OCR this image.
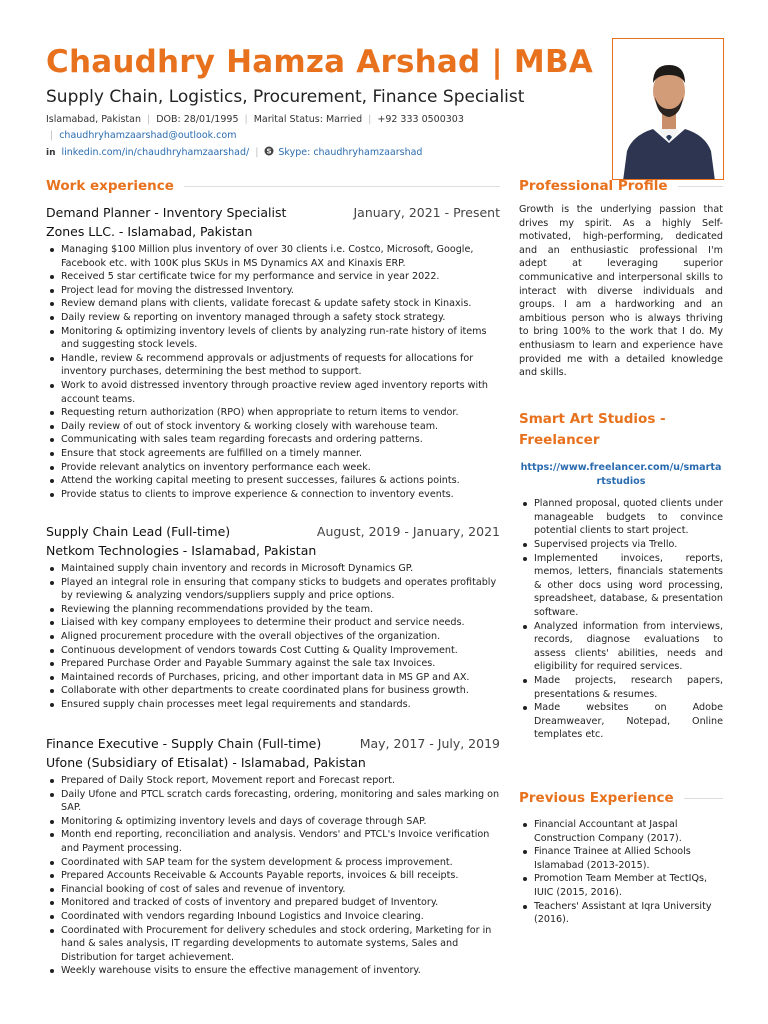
Chaudhry Hamza Arshad | MBA
Supply Chain, Logistics, Procurement, Finance Specialist
Islamabad, Pakistan | DOB: 28/01/1995 | Marital Status: Married | +92 333 0500303
| chaudhryhamzaarshad@outlook.com
in linkedin.com/in/chaudhryhamzaarshad/ | S Skype: chaudhryhamzaarshad
Work experience
Demand Planner - Inventory Specialist	January, 2021 - Present
Zones LLC. - Islamabad, Pakistan
Managing $100 Million plus inventory of over 30 clients i.e. Costco, Microsoft, Google, Facebook etc. with 100K plus SKUs in MS Dynamics AX and Kinaxis ERP.
Received 5 star certificate twice for my performance and service in year 2022.
Project lead for moving the distressed Inventory.
Review demand plans with clients, validate forecast & update safety stock in Kinaxis.
Daily review & reporting on inventory managed through a safety stock strategy.
Monitoring & optimizing inventory levels of clients by analyzing run-rate history of items and suggesting stock levels.
Handle, review & recommend approvals or adjustments of requests for allocations for inventory purchases, determining the best method to support.
Work to avoid distressed inventory through proactive review aged inventory reports with account teams.
Requesting return authorization (RPO) when appropriate to return items to vendor.
Daily review of out of stock inventory & working closely with warehouse team.
Communicating with sales team regarding forecasts and ordering patterns.
Ensure that stock agreements are fulfilled on a timely manner.
Provide relevant analytics on inventory performance each week.
Attend the working capital meeting to present successes, failures & actions points.
Provide status to clients to improve experience & connection to inventory events.
Supply Chain Lead (Full-time)	August, 2019 - January, 2021
Netkom Technologies - Islamabad, Pakistan
Maintained supply chain inventory and records in Microsoft Dynamics GP.
Played an integral role in ensuring that company sticks to budgets and operates profitably by reviewing & analyzing vendors/suppliers supply and price options.
Reviewing the planning recommendations provided by the team.
Liaised with key company employees to determine their product and service needs.
Aligned procurement procedure with the overall objectives of the organization.
Continuous development of vendors towards Cost Cutting & Quality Improvement.
Prepared Purchase Order and Payable Summary against the sale tax Invoices.
Maintained records of Purchases, pricing, and other important data in MS GP and AX.
Collaborate with other departments to create coordinated plans for business growth.
Ensured supply chain processes meet legal requirements and standards.
Finance Executive - Supply Chain (Full-time)	May, 2017 - July, 2019
Ufone (Subsidiary of Etisalat) - Islamabad, Pakistan
Prepared of Daily Stock report, Movement report and Forecast report.
Daily Ufone and PTCL scratch cards forecasting, ordering, monitoring and sales marking on SAP.
Monitoring & optimizing inventory levels and days of coverage through SAP.
Month end reporting, reconciliation and analysis. Vendors' and PTCL's Invoice verification and Payment processing.
Coordinated with SAP team for the system development & process improvement.
Prepared Accounts Receivable & Accounts Payable reports, invoices & bill receipts.
Financial booking of cost of sales and revenue of inventory.
Monitored and tracked of costs of inventory and prepared budget of Inventory.
Coordinated with vendors regarding Inbound Logistics and Invoice clearing.
Coordinated with Procurement for delivery schedules and stock ordering, Marketing for in hand & sales analysis, IT regarding developments to automate systems, Sales and Distribution for target achievement.
Weekly warehouse visits to ensure the effective management of inventory.
Professional Profile

Growth is the underlying passion that drives my spirit. As a highly Self-motivated, high-performing, dedicated and an enthusiastic professional I'm adept at leveraging superior communicative and interpersonal skills to interact with diverse individuals and groups. I am a hardworking and an ambitious person who is always thriving to bring 100% to the work that I do. My enthusiasm to learn and experience have provided me with a detailed knowledge and skills.

Smart Art Studios - Freelancer
https://www.freelancer.com/u/smartartstudios
Planned proposal, quoted clients under manageable budgets to convince potential clients to start project.
Supervised projects via Trello.
Implemented invoices, reports, memos, letters, financials statements & other docs using word processing, spreadsheet, database, & presentation software.
Analyzed information from interviews, records, diagnose evaluations to assess clients' abilities, needs and eligibility for required services.
Made projects, research papers, presentations & resumes.
Made websites on Adobe Dreamweaver, Notepad, Online templates etc.
Previous Experience
Financial Accountant at Jaspal Construction Company (2017).
Finance Trainee at Allied Schools Islamabad (2013-2015).
Promotion Team Member at TectIQs, IUIC (2015, 2016).
Teachers' Assistant at Iqra University (2016).
